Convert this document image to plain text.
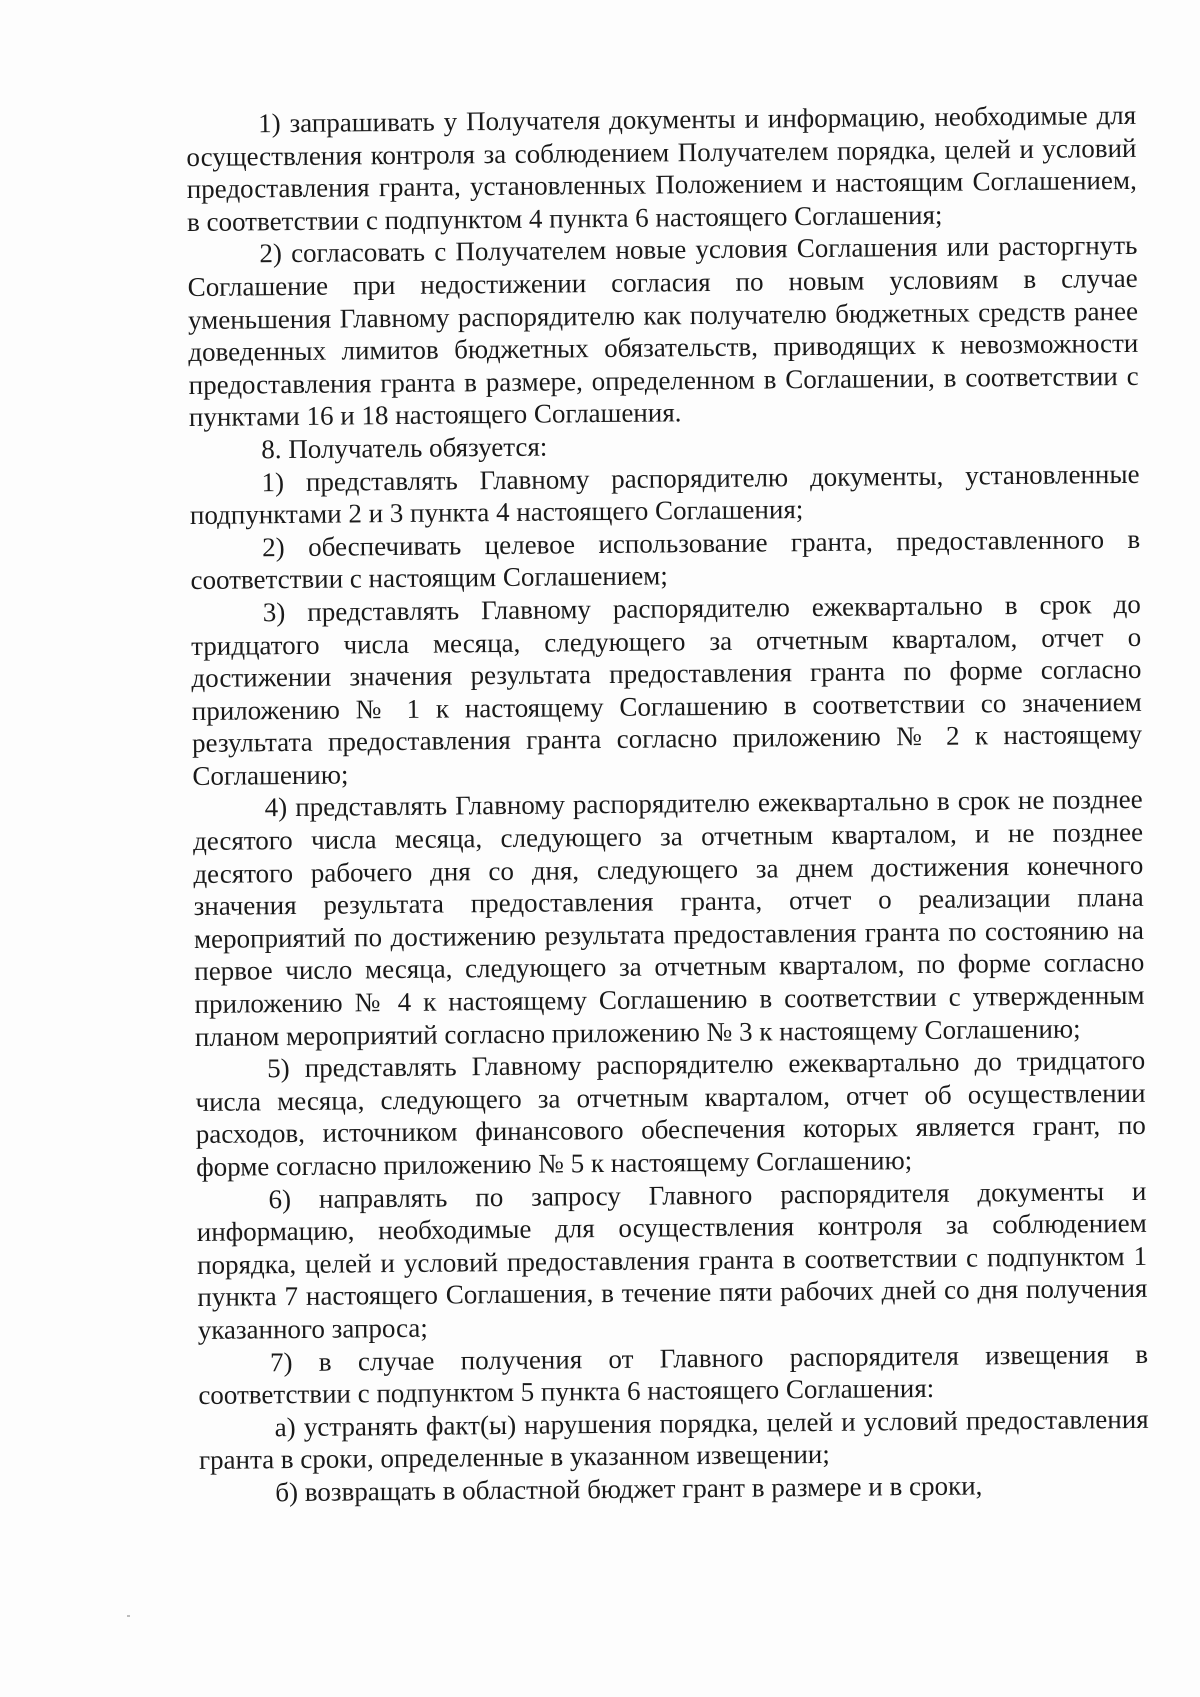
1) запрашивать у Получателя документы и информацию, необходимые для осуществления контроля за соблюдением Получателем порядка, целей и условий предоставления гранта, установленных Положением и настоящим Соглашением, в соответствии с подпунктом 4 пункта 6 настоящего Соглашения;

2) согласовать с Получателем новые условия Соглашения или расторгнуть Соглашение при недостижении согласия по новым условиям в случае уменьшения Главному распорядителю как получателю бюджетных средств ранее доведенных лимитов бюджетных обязательств, приводящих к невозможности предоставления гранта в размере, определенном в Соглашении, в соответствии с пунктами 16 и 18 настоящего Соглашения.

8. Получатель обязуется:

1) представлять Главному распорядителю документы, установленные подпунктами 2 и 3 пункта 4 настоящего Соглашения;

2) обеспечивать целевое использование гранта, предоставленного в соответствии с настоящим Соглашением;

3) представлять Главному распорядителю ежеквартально в срок до тридцатого числа месяца, следующего за отчетным кварталом, отчет о достижении значения результата предоставления гранта по форме согласно приложению № 1 к настоящему Соглашению в соответствии со значением результата предоставления гранта согласно приложению № 2 к настоящему Соглашению;

4) представлять Главному распорядителю ежеквартально в срок не позднее десятого числа месяца, следующего за отчетным кварталом, и не позднее десятого рабочего дня со дня, следующего за днем достижения конечного значения результата предоставления гранта, отчет о реализации плана мероприятий по достижению результата предоставления гранта по состоянию на первое число месяца, следующего за отчетным кварталом, по форме согласно приложению № 4 к настоящему Соглашению в соответствии с утвержденным планом мероприятий согласно приложению № 3 к настоящему Соглашению;

5) представлять Главному распорядителю ежеквартально до тридцатого числа месяца, следующего за отчетным кварталом, отчет об осуществлении расходов, источником финансового обеспечения которых является грант, по форме согласно приложению № 5 к настоящему Соглашению;

6) направлять по запросу Главного распорядителя документы и информацию, необходимые для осуществления контроля за соблюдением порядка, целей и условий предоставления гранта в соответствии с подпунктом 1 пункта 7 настоящего Соглашения, в течение пяти рабочих дней со дня получения указанного запроса;

7) в случае получения от Главного распорядителя извещения в соответствии с подпунктом 5 пункта 6 настоящего Соглашения:

а) устранять факт(ы) нарушения порядка, целей и условий предоставления гранта в сроки, определенные в указанном извещении;

б) возвращать в областной бюджет грант в размере и в сроки,
